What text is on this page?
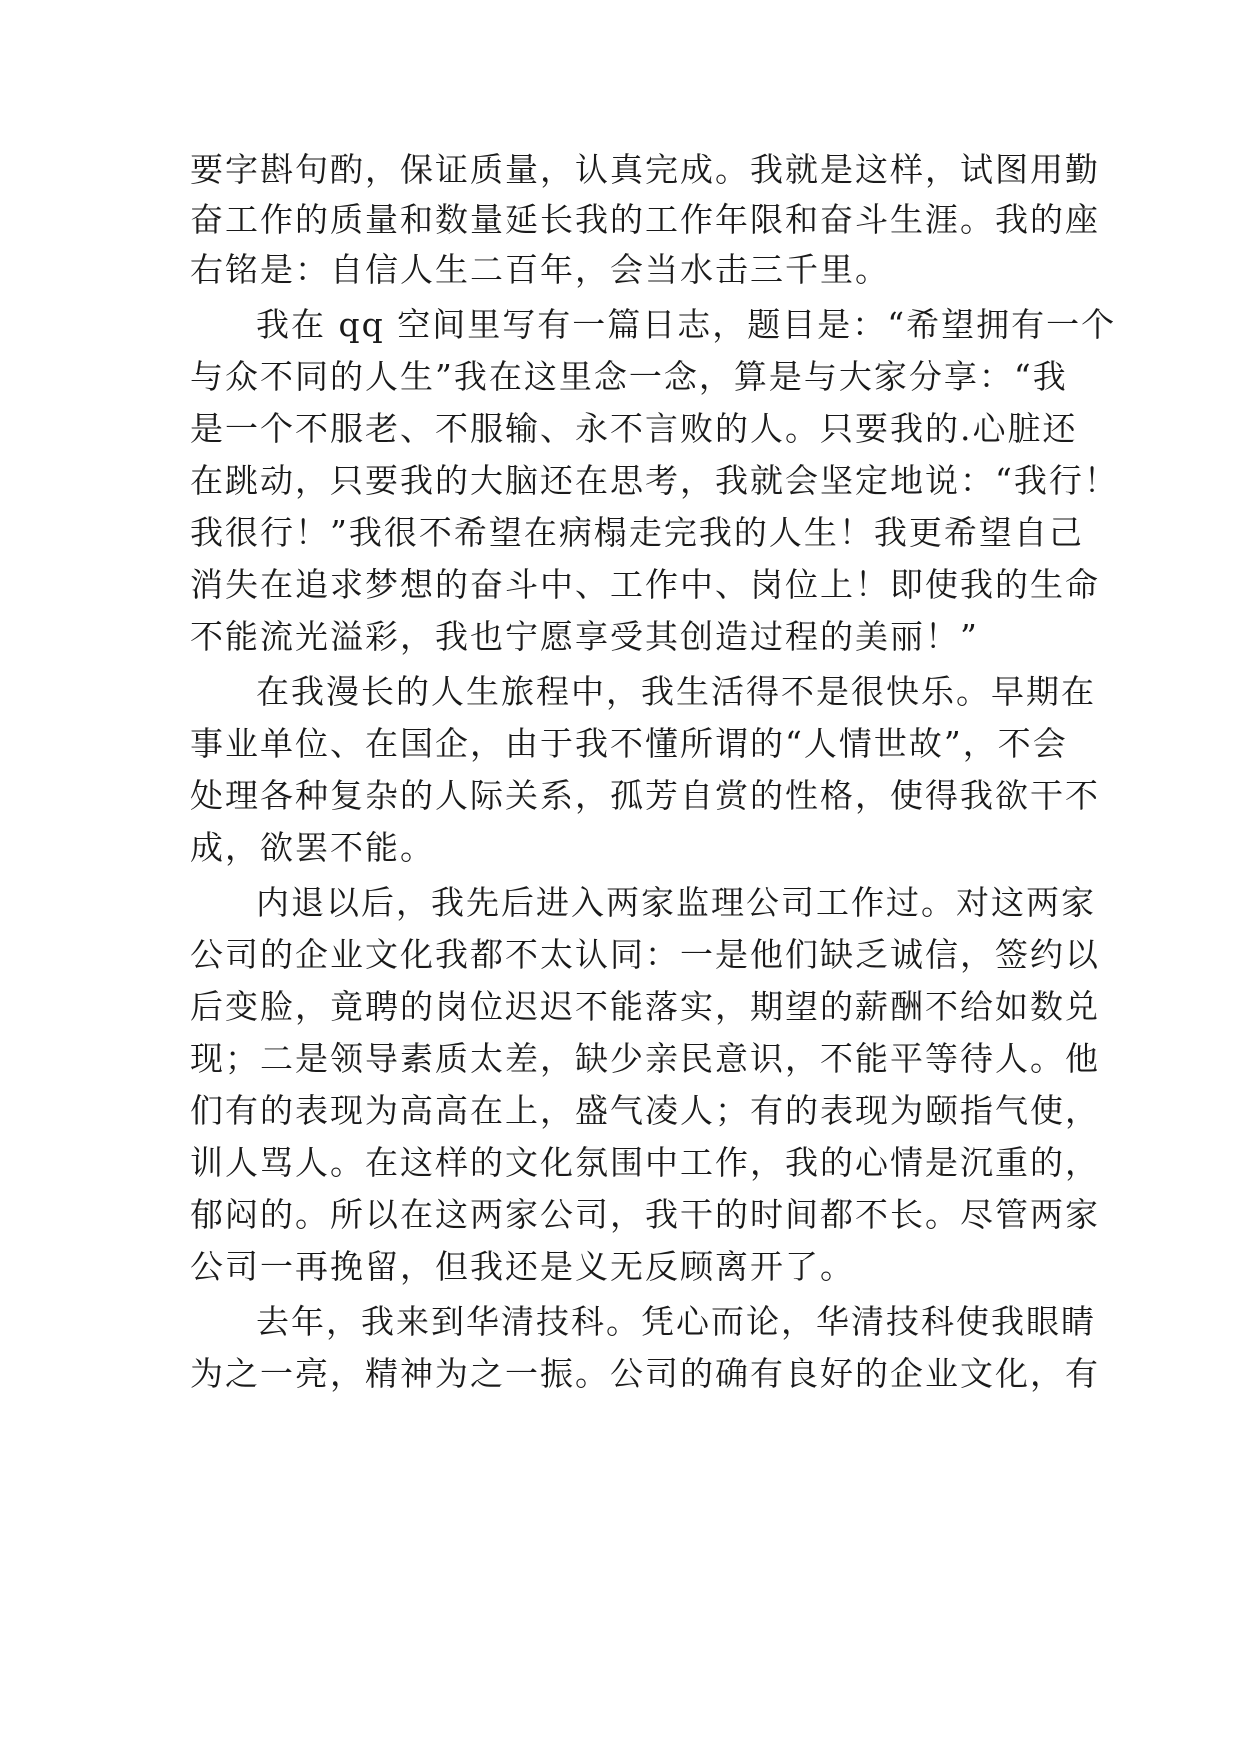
要字斟句酌，保证质量，认真完成。我就是这样，试图用勤
奋工作的质量和数量延长我的工作年限和奋斗生涯。我的座
右铭是：自信人生二百年，会当水击三千里。
我在 qq 空间里写有一篇日志，题目是：“希望拥有一个
与众不同的人生”我在这里念一念，算是与大家分享：“我
是一个不服老、不服输、永不言败的人。只要我的.心脏还
在跳动，只要我的大脑还在思考，我就会坚定地说：“我行！
我很行！”我很不希望在病榻走完我的人生！我更希望自己
消失在追求梦想的奋斗中、工作中、岗位上！即使我的生命
不能流光溢彩，我也宁愿享受其创造过程的美丽！”
在我漫长的人生旅程中，我生活得不是很快乐。早期在
事业单位、在国企，由于我不懂所谓的“人情世故”，不会
处理各种复杂的人际关系，孤芳自赏的性格，使得我欲干不
成，欲罢不能。
内退以后，我先后进入两家监理公司工作过。对这两家
公司的企业文化我都不太认同：一是他们缺乏诚信，签约以
后变脸，竟聘的岗位迟迟不能落实，期望的薪酬不给如数兑
现；二是领导素质太差，缺少亲民意识，不能平等待人。他
们有的表现为高高在上，盛气凌人；有的表现为颐指气使，
训人骂人。在这样的文化氛围中工作，我的心情是沉重的，
郁闷的。所以在这两家公司，我干的时间都不长。尽管两家
公司一再挽留，但我还是义无反顾离开了。
去年，我来到华清技科。凭心而论，华清技科使我眼睛
为之一亮，精神为之一振。公司的确有良好的企业文化，有
